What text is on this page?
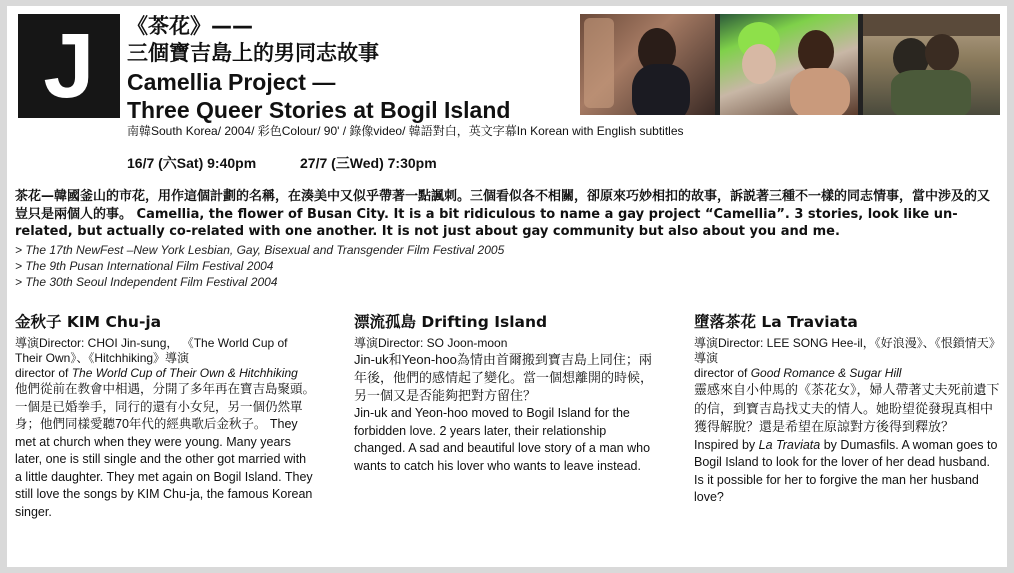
J	《茶花》——
三個寶吉島上的男同志故事
Camellia Project —
Three Queer Stories at Bogil Island
南韓South Korea/ 2004/ 彩色Colour/ 90' / 錄像video/ 韓語對白，英文字幕In Korean with English subtitles
16/7 (六Sat) 9:40pm	27/7 (三Wed) 7:30pm
茶花—韓國釜山的市花，用作這個計劃的名稱，在湊美中又似乎帶著一點諷刺。三個看似各不相關，卻原來巧妙相扣的故事，訴説著三種不一樣的同志情事，當中涉及的又豈只是兩個人的事。 Camellia, the flower of Busan City. It is a bit ridiculous to name a gay project “Camellia”. 3 stories, look like un-related, but actually co-related with one another. It is not just about gay community but also about you and me.
> The 17th NewFest –New York Lesbian, Gay, Bisexual and Transgender Film Festival 2005
> The 9th Pusan International Film Festival 2004
> The 30th Seoul Independent Film Festival 2004
金秋子 KIM Chu-ja
導演Director: CHOI Jin-sung， 《The World Cup of Their Own》、《Hitchhiking》導演
director of The World Cup of Their Own & Hitchhiking
他們從前在教會中相遇，分開了多年再在寶吉島聚頭。一個是已婚拳手，同行的還有小女兒，另一個仍然單身；他們同樣愛聽70年代的經典歌后金秋子。 They met at church when they were young. Many years later, one is still single and the other got married with a little daughter. They met again on Bogil Island. They still love the songs by KIM Chu-ja, the famous Korean singer.
漂流孤島 Drifting Island
導演Director: SO Joon-moon
Jin-uk和Yeon-hoo為情由首爾搬到寶吉島上同住；兩年後，他們的感情起了變化。當一個想離開的時候，另一個又是否能夠把對方留住？
Jin-uk and Yeon-hoo moved to Bogil Island for the forbidden love. 2 years later, their relationship changed. A sad and beautiful love story of a man who wants to catch his lover who wants to leave instead.
墮落茶花 La Traviata
導演Director: LEE SONG Hee-il，《好浪漫》、《恨鎖情天》導演
director of Good Romance & Sugar Hill
靈感來自小仲馬的《茶花女》，婦人帶著丈夫死前遺下的信，到寶吉島找丈夫的情人。她盼望從發現真相中獲得解脫？還是希望在原諒對方後得到釋放？ Inspired by La Traviata by Dumasfils. A woman goes to Bogil Island to look for the lover of her dead husband. Is it possible for her to forgive the man her husband love?
